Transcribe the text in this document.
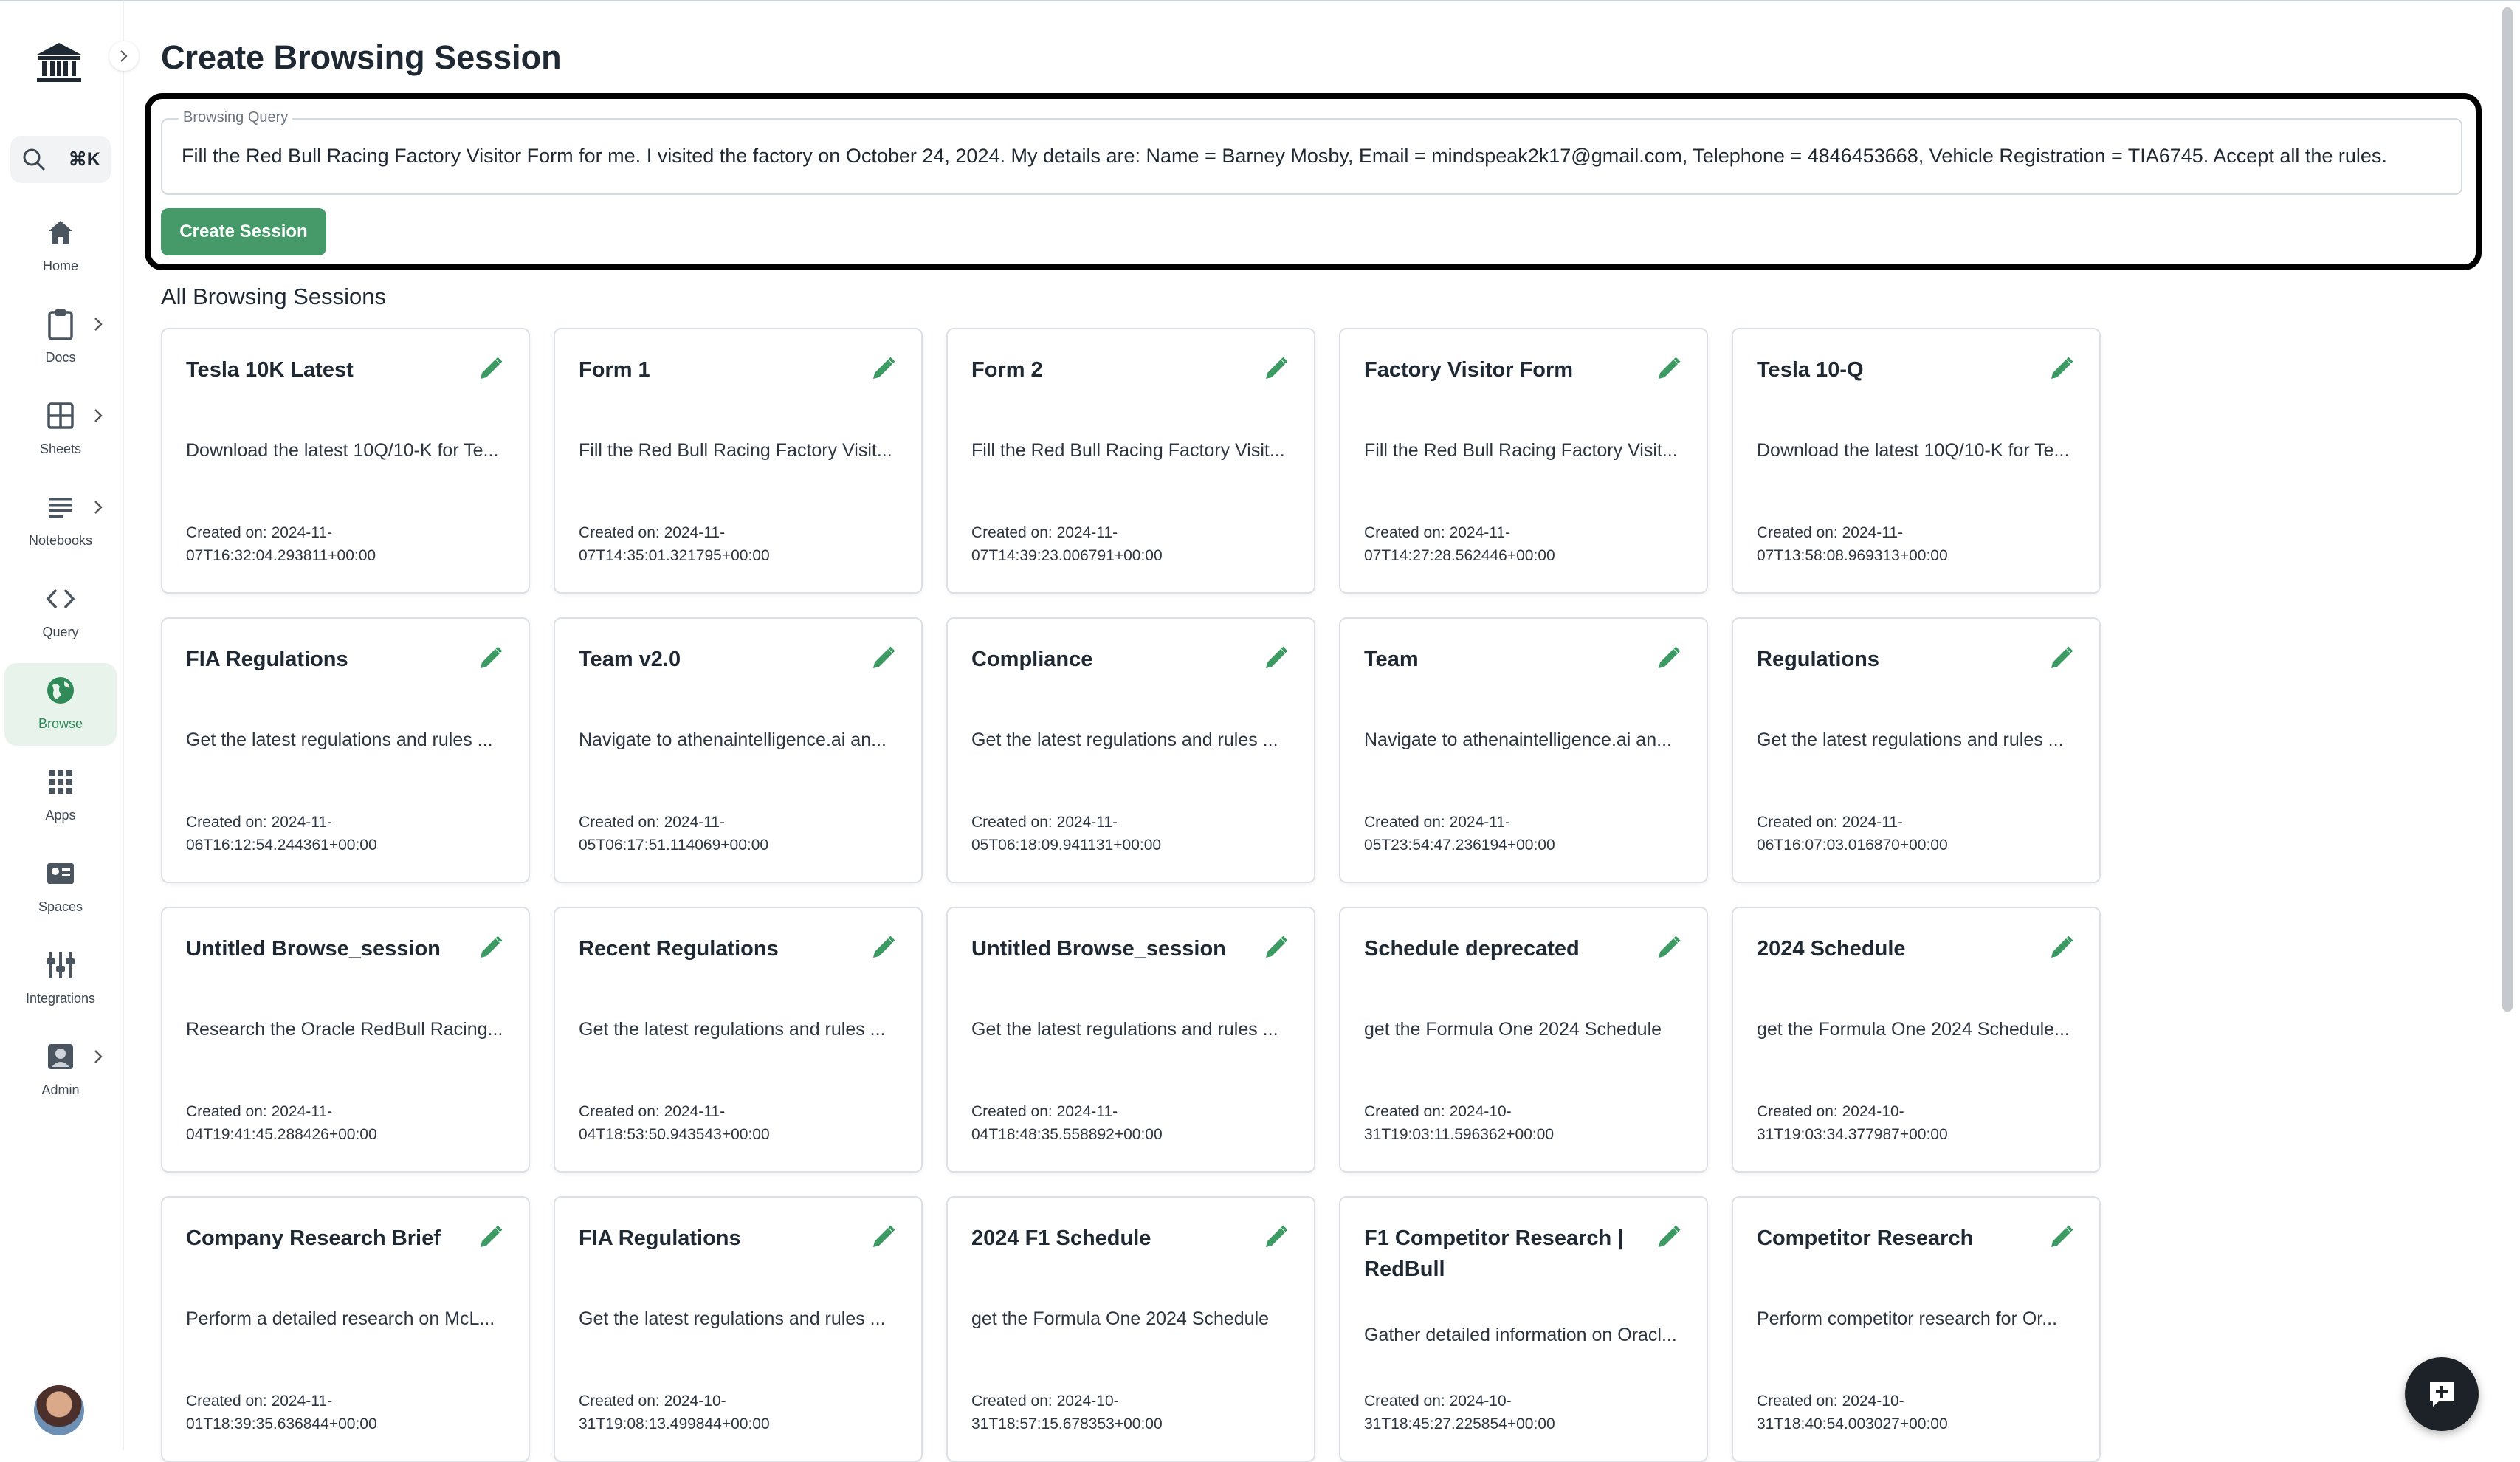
⌘K
Home
Docs
Sheets
Notebooks
Query
Browse
Apps
Spaces
Integrations
Admin
Create Browsing Session
Browsing Query
Fill the Red Bull Racing Factory Visitor Form for me. I visited the factory on October 24, 2024. My details are: Name = Barney Mosby, Email = mindspeak2k17@gmail.com, Telephone = 4846453668, Vehicle Registration = TIA6745. Accept all the rules.
Create Session
All Browsing Sessions
Tesla 10K Latest
Download the latest 10Q/10-K for Te...
Created on: 2024-11-
07T16:32:04.293811+00:00
Form 1
Fill the Red Bull Racing Factory Visit...
Created on: 2024-11-
07T14:35:01.321795+00:00
Form 2
Fill the Red Bull Racing Factory Visit...
Created on: 2024-11-
07T14:39:23.006791+00:00
Factory Visitor Form
Fill the Red Bull Racing Factory Visit...
Created on: 2024-11-
07T14:27:28.562446+00:00
Tesla 10-Q
Download the latest 10Q/10-K for Te...
Created on: 2024-11-
07T13:58:08.969313+00:00
FIA Regulations
Get the latest regulations and rules ...
Created on: 2024-11-
06T16:12:54.244361+00:00
Team v2.0
Navigate to athenaintelligence.ai an...
Created on: 2024-11-
05T06:17:51.114069+00:00
Compliance
Get the latest regulations and rules ...
Created on: 2024-11-
05T06:18:09.941131+00:00
Team
Navigate to athenaintelligence.ai an...
Created on: 2024-11-
05T23:54:47.236194+00:00
Regulations
Get the latest regulations and rules ...
Created on: 2024-11-
06T16:07:03.016870+00:00
Untitled Browse_session
Research the Oracle RedBull Racing...
Created on: 2024-11-
04T19:41:45.288426+00:00
Recent Regulations
Get the latest regulations and rules ...
Created on: 2024-11-
04T18:53:50.943543+00:00
Untitled Browse_session
Get the latest regulations and rules ...
Created on: 2024-11-
04T18:48:35.558892+00:00
Schedule deprecated
get the Formula One 2024 Schedule
Created on: 2024-10-
31T19:03:11.596362+00:00
2024 Schedule
get the Formula One 2024 Schedule...
Created on: 2024-10-
31T19:03:34.377987+00:00
Company Research Brief
Perform a detailed research on McL...
Created on: 2024-11-
01T18:39:35.636844+00:00
FIA Regulations
Get the latest regulations and rules ...
Created on: 2024-10-
31T19:08:13.499844+00:00
2024 F1 Schedule
get the Formula One 2024 Schedule
Created on: 2024-10-
31T18:57:15.678353+00:00
F1 Competitor Research | RedBull
Gather detailed information on Oracl...
Created on: 2024-10-
31T18:45:27.225854+00:00
Competitor Research
Perform competitor research for Or...
Created on: 2024-10-
31T18:40:54.003027+00:00
